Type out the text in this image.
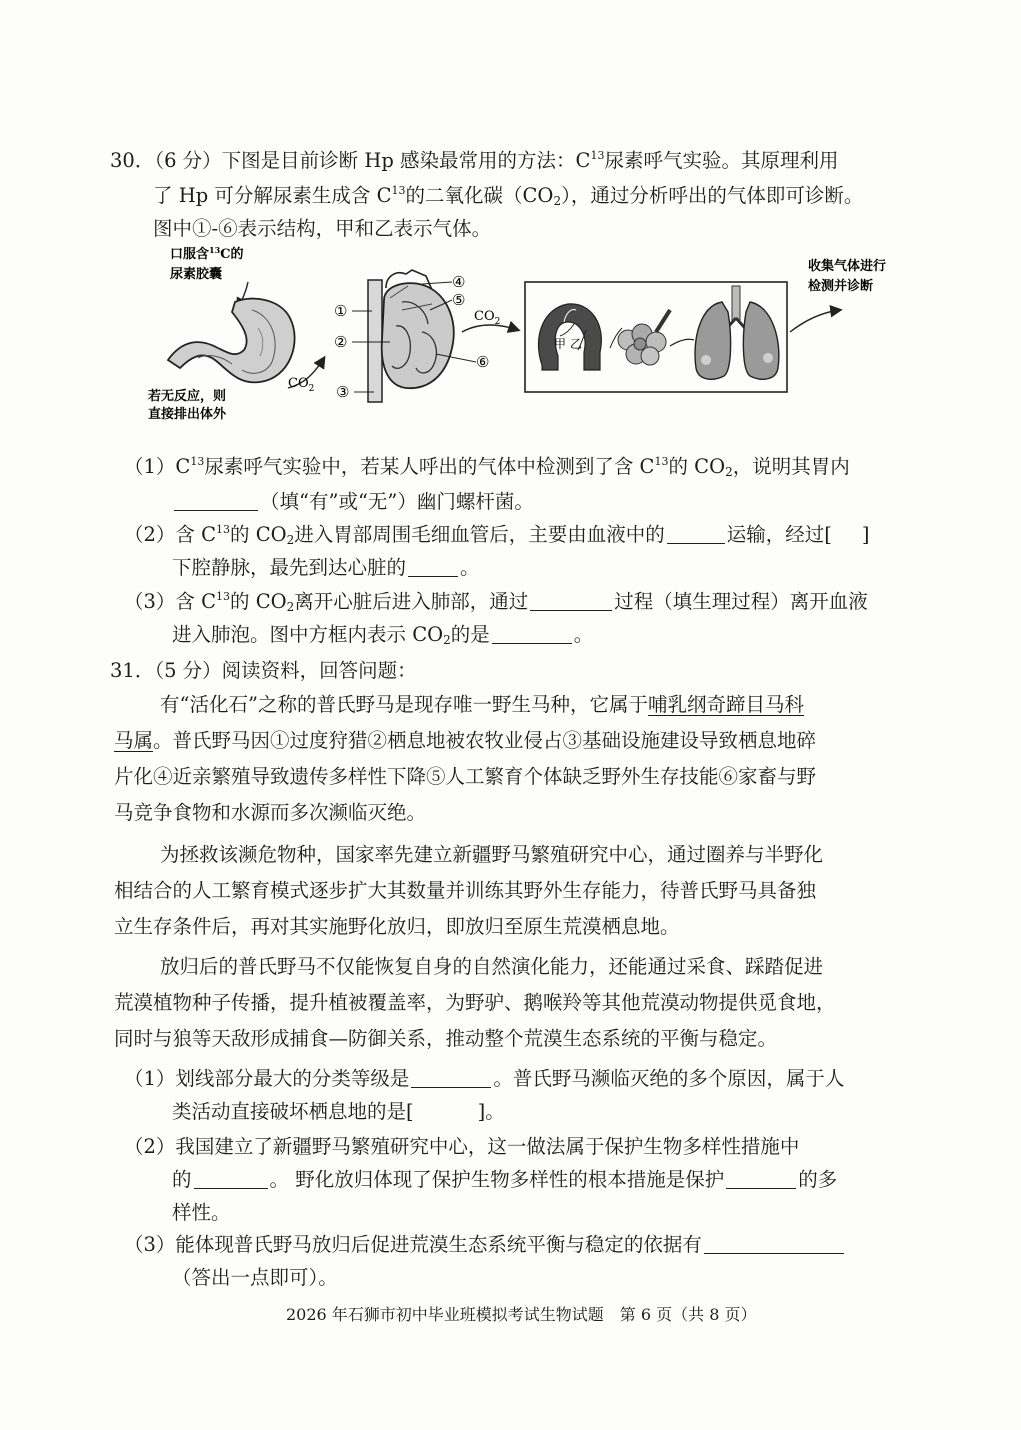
30．（6 分）下图是目前诊断 Hp 感染最常用的方法：$C^{13}$尿素呼气实验。其原理利用
了 Hp 可分解尿素生成含 $C^{13}$的二氧化碳$(CO_2)$，通过分析呼出的气体即可诊断。
图中①-⑥表示结构，甲和乙表示气体。
口服含$^{13}$C的
尿素胶囊
若无反应，则
直接排出体外
$CO_2$
④
⑤
①
②
③
⑥
$CO_2$
甲 乙
收集气体进行
检测并诊断
$(1)C^{13}$尿素呼气实验中，若某人呼出的气体中检测到了含 $C^{13}$的 $CO_2$，说明其胃内
（填“有”或“无”）幽门螺杆菌。
（2）含 $C^{13}$的 $CO_2$进入胃部周围毛细血管后，主要由血液中的	运输，经过[ ]
下腔静脉，最先到达心脏的	。
（3）含 $C^{13}$的 $CO_2$离开心脏后进入肺部，通过	过程（填生理过程）离开血液
进入肺泡。图中方框内表示 $CO_2$的是	。
31．（5 分）阅读资料，回答问题：
有“活化石”之称的普氏野马是现存唯一野生马种，它属于哺乳纲奇蹄目马科
马属。普氏野马因①过度狩猎②栖息地被农牧业侵占③基础设施建设导致栖息地碎
片化④近亲繁殖导致遗传多样性下降⑤人工繁育个体缺乏野外生存技能⑥家畜与野
马竞争食物和水源而多次濒临灭绝。
为拯救该濒危物种，国家率先建立新疆野马繁殖研究中心，通过圈养与半野化
相结合的人工繁育模式逐步扩大其数量并训练其野外生存能力，待普氏野马具备独
立生存条件后，再对其实施野化放归，即放归至原生荒漠栖息地。
放归后的普氏野马不仅能恢复自身的自然演化能力，还能通过采食、踩踏促进
荒漠植物种子传播，提升植被覆盖率，为野驴、鹅喉羚等其他荒漠动物提供觅食地，
同时与狼等天敌形成捕食—防御关系，推动整个荒漠生态系统的平衡与稳定。
（1）划线部分最大的分类等级是	。普氏野马濒临灭绝的多个原因，属于人
类活动直接破坏栖息地的是[	]。
（2）我国建立了新疆野马繁殖研究中心，这一做法属于保护生物多样性措施中
的	。 野化放归体现了保护生物多样性的根本措施是保护	的多
样性。
（3）能体现普氏野马放归后促进荒漠生态系统平衡与稳定的依据有
（答出一点即可）。
2026 年石狮市初中毕业班模拟考试生物试题　第 6 页（共 8 页）
